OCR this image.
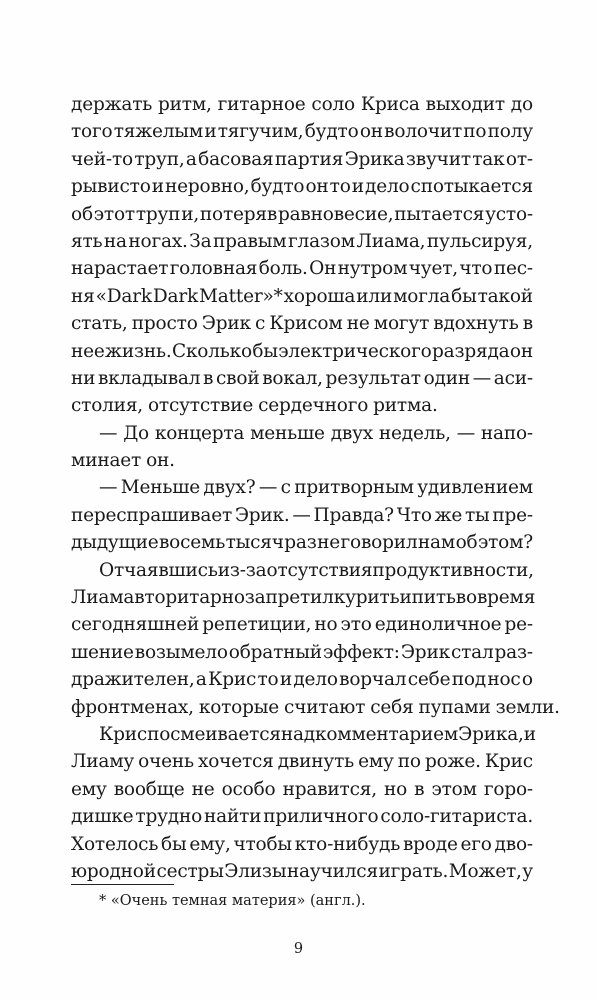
держать ритм, гитарное соло Криса выходит до
того тяжелым и тягучим, будто он волочит по полу
чей-то труп, а басовая партия Эрика звучит так от-
рывисто и неровно, будто он то и дело спотыкается
об этот труп и, потеряв равновесие, пытается усто-
ять на ногах. За правым глазом Лиама, пульсируя,
нарастает головная боль. Он нутром чует, что пес-
ня «Dark Dark Matter»* хороша или могла бы такой
стать, просто Эрик с Крисом не могут вдохнуть в
нее жизнь. Сколько бы электрического разряда он
ни вкладывал в свой вокал, результат один — аси-
столия, отсутствие сердечного ритма.
— До концерта меньше двух недель, — напо-
минает он.
— Меньше двух? — с притворным удивлением
переспрашивает Эрик. — Правда? Что же ты пре-
дыдущие восемь тысяч раз не говорил нам об этом?
Отчаявшись из-за отсутствия продуктивности,
Лиам авторитарно запретил курить и пить во время
сегодняшней репетиции, но это единоличное ре-
шение возымело обратный эффект: Эрик стал раз-
дражителен, а Крис то и дело ворчал себе под нос о
фронтменах, которые считают себя пупами земли.
Крис посмеивается над комментарием Эрика, и
Лиаму очень хочется двинуть ему по роже. Крис
ему вообще не особо нравится, но в этом горо-
дишке трудно найти приличного соло-гитариста.
Хотелось бы ему, чтобы кто-нибудь вроде его дво-
юродной сестры Элизы научился играть. Может, у
* «Очень темная материя» (англ.).
9
